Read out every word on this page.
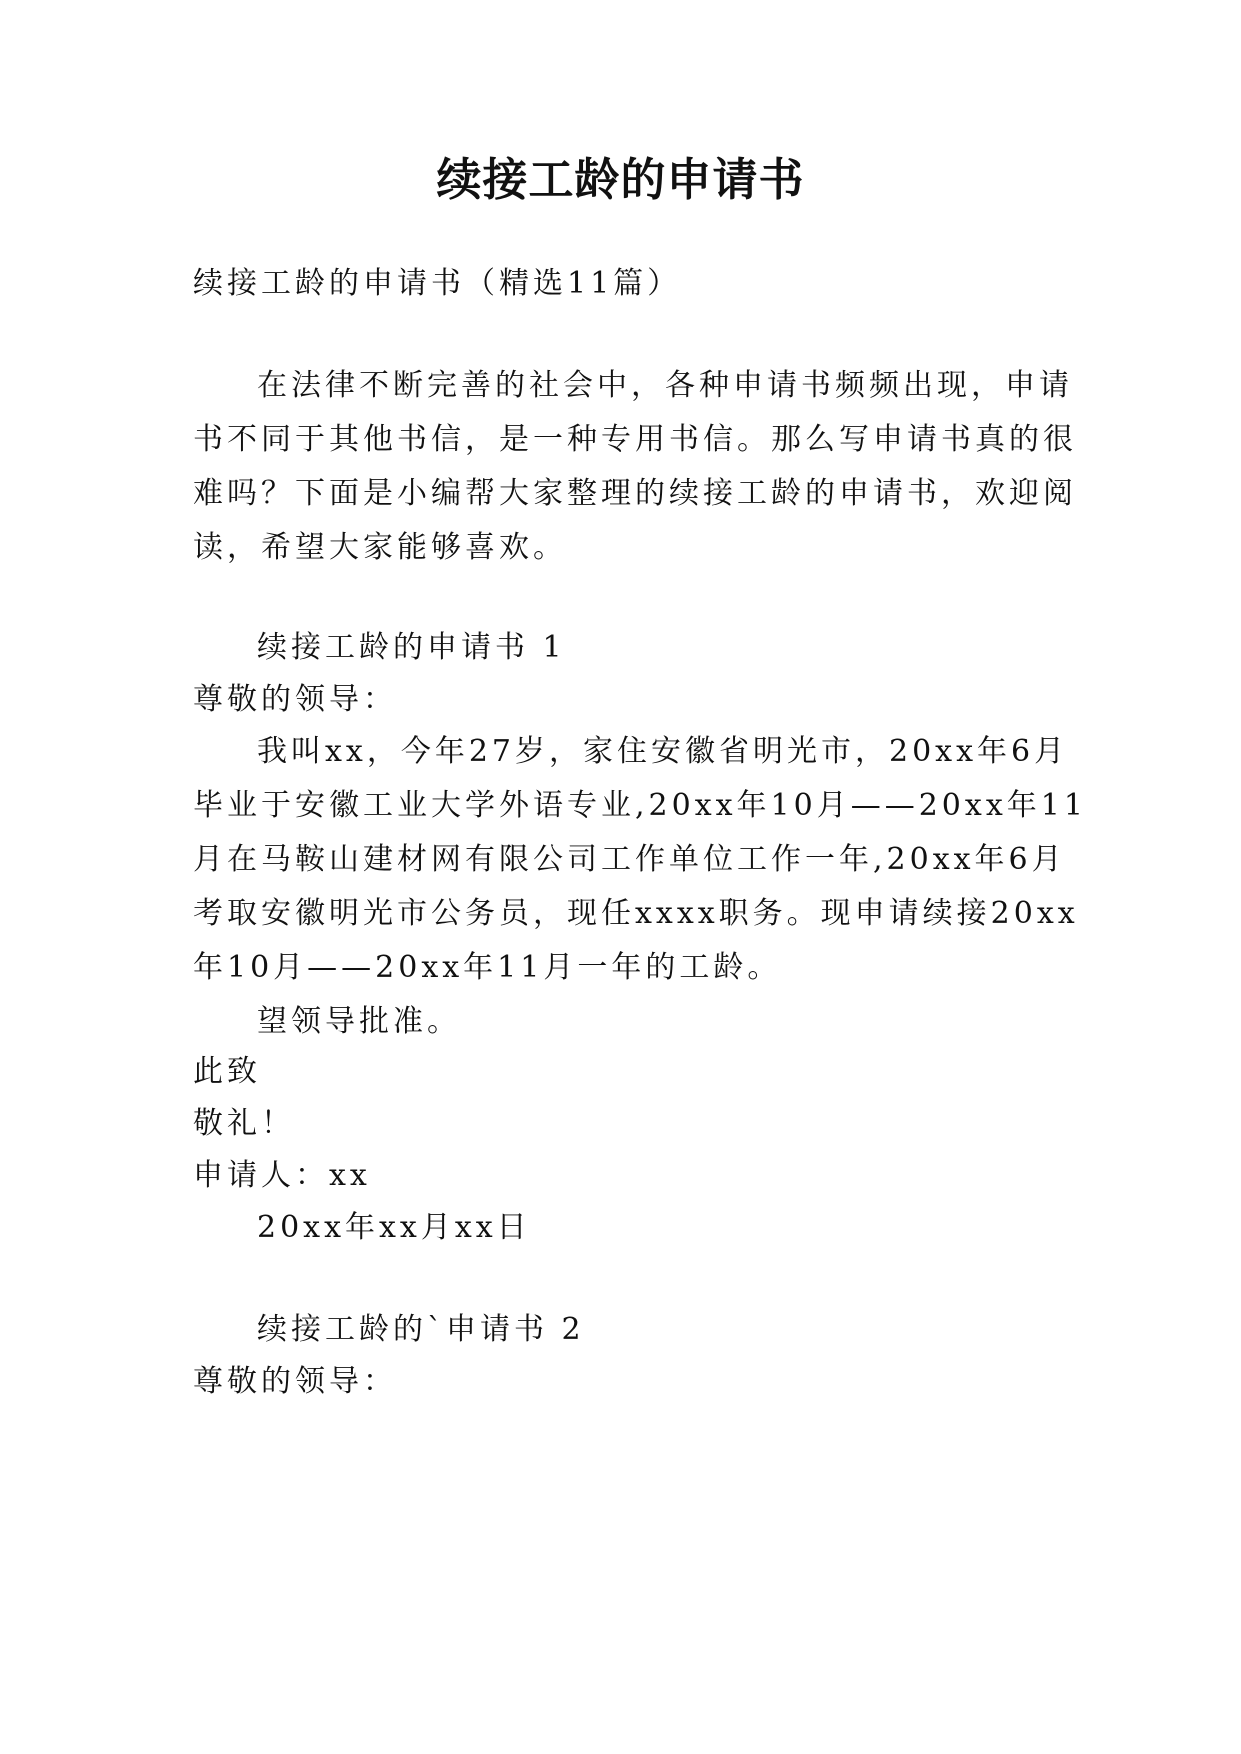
续接工龄的申请书

续接工龄的申请书（精选11篇）

在法律不断完善的社会中，各种申请书频频出现，申请

书不同于其他书信，是一种专用书信。那么写申请书真的很

难吗？下面是小编帮大家整理的续接工龄的申请书，欢迎阅

读，希望大家能够喜欢。

续接工龄的申请书 1

尊敬的领导：

我叫xx，今年27岁，家住安徽省明光市，20xx年6月

毕业于安徽工业大学外语专业,20xx年10月——20xx年11

月在马鞍山建材网有限公司工作单位工作一年,20xx年6月

考取安徽明光市公务员，现任xxxx职务。现申请续接20xx

年10月——20xx年11月一年的工龄。

望领导批准。

此致

敬礼！

申请人：xx

20xx年xx月xx日

续接工龄的`申请书 2

尊敬的领导：
